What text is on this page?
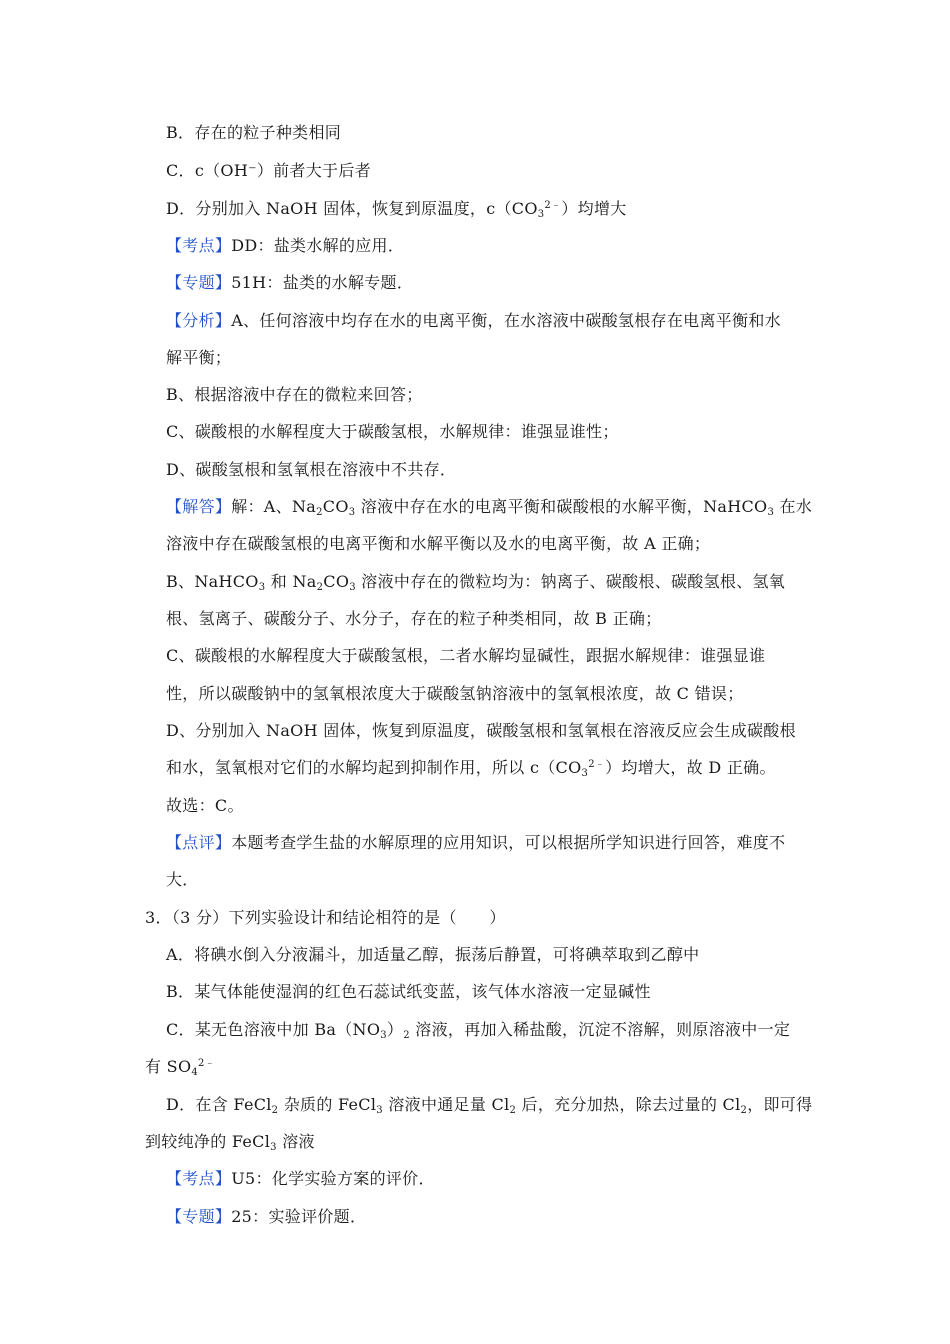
B．存在的粒子种类相同
C．c（OH⁻）前者大于后者
D．分别加入 NaOH 固体，恢复到原温度，$c(CO_3^{2﹣})$均增大
【考点】DD：盐类水解的应用．
【专题】51H：盐类的水解专题．
【分析】A、任何溶液中均存在水的电离平衡，在水溶液中碳酸氢根存在电离平衡和水
解平衡；
B、根据溶液中存在的微粒来回答；
C、碳酸根的水解程度大于碳酸氢根，水解规律：谁强显谁性；
D、碳酸氢根和氢氧根在溶液中不共存．
【解答】解：A、$Na_2CO_3$ 溶液中存在水的电离平衡和碳酸根的水解平衡，NaHCO$_3$ 在水
溶液中存在碳酸氢根的电离平衡和水解平衡以及水的电离平衡，故 A 正确；
B、NaHCO$_3$ 和 $Na_2CO_3$ 溶液中存在的微粒均为：钠离子、碳酸根、碳酸氢根、氢氧
根、氢离子、碳酸分子、水分子，存在的粒子种类相同，故 B 正确；
C、碳酸根的水解程度大于碳酸氢根，二者水解均显碱性，跟据水解规律：谁强显谁
性，所以碳酸钠中的氢氧根浓度大于碳酸氢钠溶液中的氢氧根浓度，故 C 错误；
D、分别加入 NaOH 固体，恢复到原温度，碳酸氢根和氢氧根在溶液反应会生成碳酸根
和水，氢氧根对它们的水解均起到抑制作用，所以 $c(CO_3^{2﹣})$均增大，故 D 正确。
故选：C。
【点评】本题考查学生盐的水解原理的应用知识，可以根据所学知识进行回答，难度不
大．
3．（3 分）下列实验设计和结论相符的是（　　）
A．将碘水倒入分液漏斗，加适量乙醇，振荡后静置，可将碘萃取到乙醇中
B．某气体能使湿润的红色石蕊试纸变蓝，该气体水溶液一定显碱性
C．某无色溶液中加 $Ba(NO_3)_2$ 溶液，再加入稀盐酸，沉淀不溶解，则原溶液中一定
有 $SO_4^{2﹣}$
D．在含 FeCl$_2$ 杂质的 FeCl$_3$ 溶液中通足量 $Cl_2$ 后，充分加热，除去过量的 $Cl_2$，即可得
到较纯净的 FeCl$_3$ 溶液
【考点】U5：化学实验方案的评价．
【专题】25：实验评价题．
